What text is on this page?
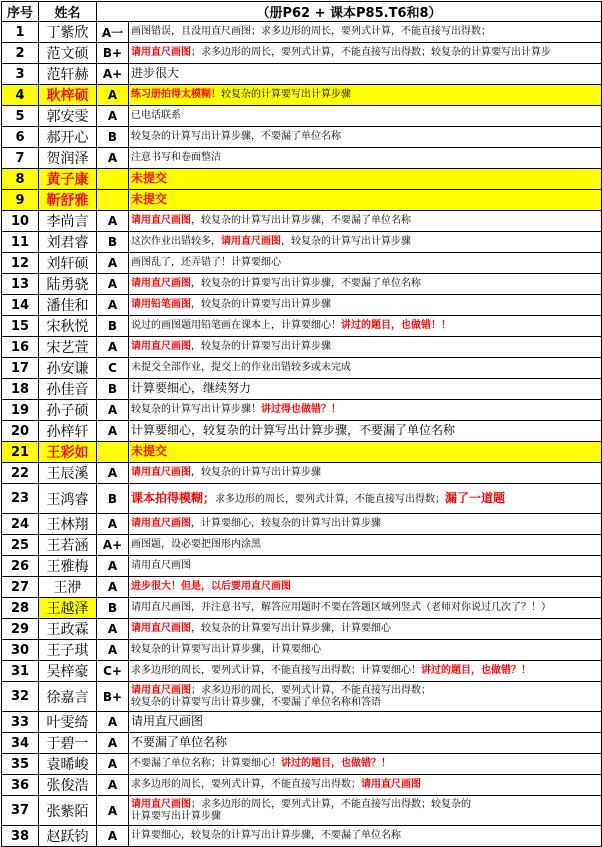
序号	姓名	（册P62 + 课本P85.T6和8）	
1	丁紫欣	A一	画图错误，且没用直尺画图；求多边形的周长，要列式计算，不能直接写出得数；

2	范文硕	B+	请用直尺画图；求多边形的周长，要列式计算，不能直接写出得数；较复杂的计算要写出计算步

3	范轩赫	A+	进步很大

4	耿梓硕	A	练习册拍得太模糊！较复杂的计算要写出计算步骤

5	郭安雯	A	已电话联系

6	郝开心	B	较复杂的计算写出计算步骤，不要漏了单位名称

7	贺润泽	A	注意书写和卷面整洁

8	黄子康		未提交

9	靳舒雅		未提交

10	李尚言	A	请用直尺画图，较复杂的计算写出计算步骤，不要漏了单位名称

11	刘君睿	B	这次作业出错较多，请用直尺画图，较复杂的计算写出计算步骤

12	刘轩硕	A	画图乱了，还弄错了！计算要细心

13	陆勇骁	A	请用直尺画图，较复杂的计算要写出计算步骤，不要漏了单位名称

14	潘佳和	A	请用铅笔画图，较复杂的计算要写出计算步骤

15	宋秋悦	B	说过的画图题用铅笔画在课本上，计算要细心！讲过的题目，也做错！！

16	宋艺萱	A	请用直尺画图，较复杂的计算要写出计算步骤

17	孙安谦	C	未提交全部作业，提交上的作业出错较多或未完成

18	孙佳音	B	计算要细心，继续努力

19	孙子硕	A	较复杂的计算写出计算步骤！讲过得也做错？！

20	孙梓轩	A	计算要细心，较复杂的计算写出计算步骤，不要漏了单位名称

21	王彩如		未提交

22	王辰溪	A	请用直尺画图，较复杂的计算写出计算步骤

23	王鸿睿	B	课本拍得模糊；求多边形的周长，要列式计算，不能直接写出得数；漏了一道题

24	王林翔	A	请用直尺画图，计算要细心，较复杂的计算写出计算步骤

25	王若涵	A+	画图题，设必要把图形内涂黑

26	王雅梅	A	请用直尺画图

27	王洢	A	进步很大！但是，以后要用直尺画图

28	王越泽	B	请用直尺画图，并注意书写，解答应用题时不要在答题区域列竖式（老师对你说过几次了？！）

29	王政霖	A	请用直尺画图，较复杂的计算要写出计算步骤，计算要细心

30	王子琪	A	较复杂的计算要写出计算步骤，计算要细心

31	吴梓豪	C+	求多边形的周长，要列式计算，不能直接写出得数；计算要细心！讲过的题目，也做错？！

32	徐嘉言	B+	请用直尺画图；求多边形的周长，要列式计算，不能直接写出得数；
较复杂的计算要写出计算步骤，不要漏了单位名称和答语

33	叶雯绮	A	请用直尺画图

34	于碧一	A	不要漏了单位名称

35	袁晞峻	A	不要漏了单位名称；计算要细心！讲过的题目，也做错？！

36	张俊浩	A	求多边形的周长，要列式计算，不能直接写出得数；请用直尺画图

37	张紫陌	A	请用直尺画图；求多边形的周长，要列式计算，不能直接写出得数；较复杂的
计算要写出计算步骤

38	赵跃钧	A	计算要细心，较复杂的计算写出计算步骤，不要漏了单位名称
